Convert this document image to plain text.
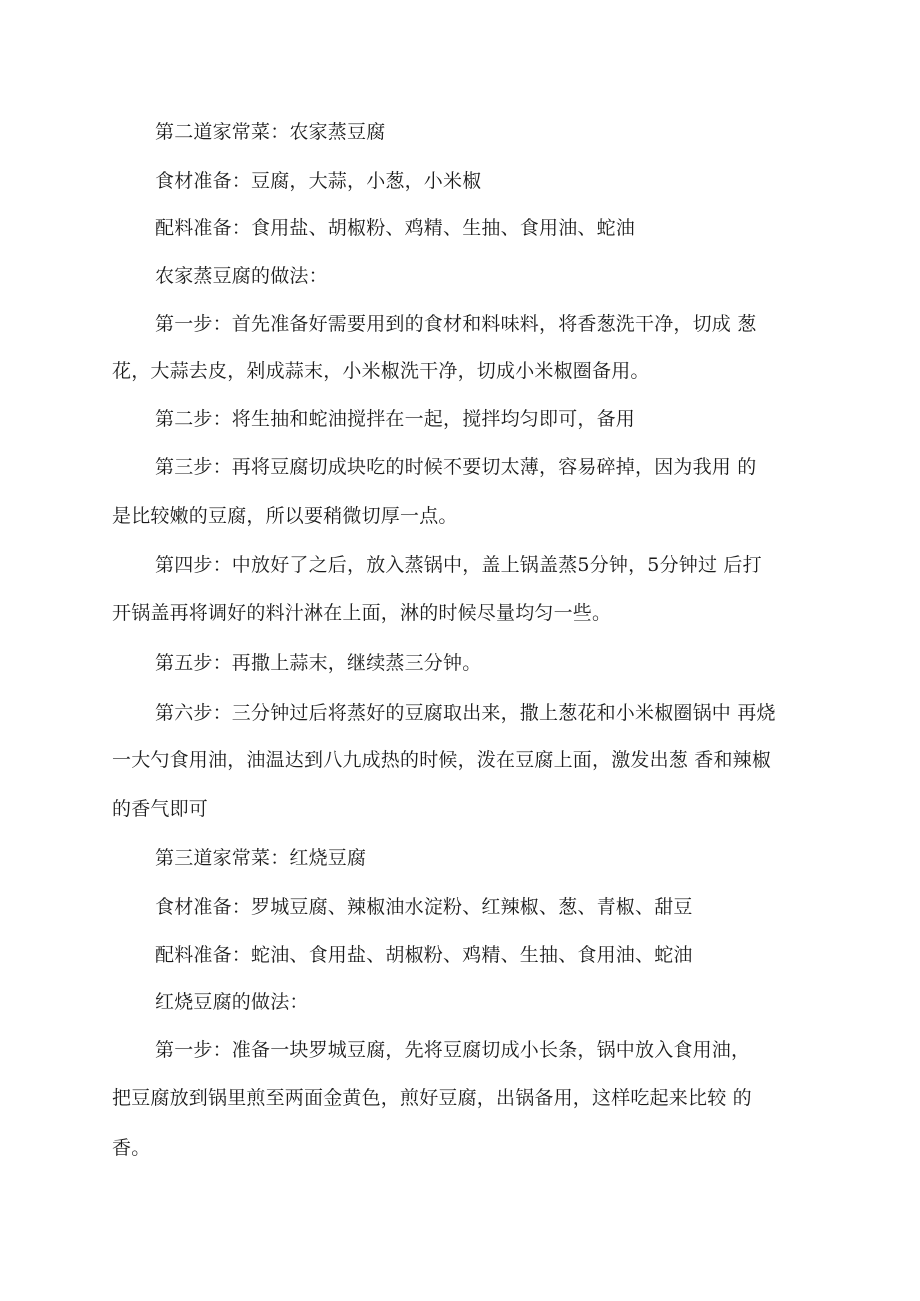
第二道家常菜：农家蒸豆腐
食材准备：豆腐，大蒜，小葱，小米椒
配料准备：食用盐、胡椒粉、鸡精、生抽、食用油、蛇油
农家蒸豆腐的做法：
第一步：首先准备好需要用到的食材和料味料，将香葱洗干净，切成 葱
花，大蒜去皮，剁成蒜末，小米椒洗干净，切成小米椒圈备用。
第二步：将生抽和蛇油搅拌在一起，搅拌均匀即可，备用
第三步：再将豆腐切成块吃的时候不要切太薄，容易碎掉，因为我用 的
是比较嫩的豆腐，所以要稍微切厚一点。
第四步：中放好了之后，放入蒸锅中，盖上锅盖蒸5分钟，5分钟过 后打
开锅盖再将调好的料汁淋在上面，淋的时候尽量均匀一些。
第五步：再撒上蒜末，继续蒸三分钟。
第六步：三分钟过后将蒸好的豆腐取出来，撒上葱花和小米椒圈锅中 再烧
一大勺食用油，油温达到八九成热的时候，泼在豆腐上面，激发出葱 香和辣椒
的香气即可
第三道家常菜：红烧豆腐
食材准备：罗城豆腐、辣椒油水淀粉、红辣椒、葱、青椒、甜豆
配料准备：蛇油、食用盐、胡椒粉、鸡精、生抽、食用油、蛇油
红烧豆腐的做法：
第一步：准备一块罗城豆腐，先将豆腐切成小长条，锅中放入食用油，
把豆腐放到锅里煎至两面金黄色，煎好豆腐，出锅备用，这样吃起来比较 的
香。
